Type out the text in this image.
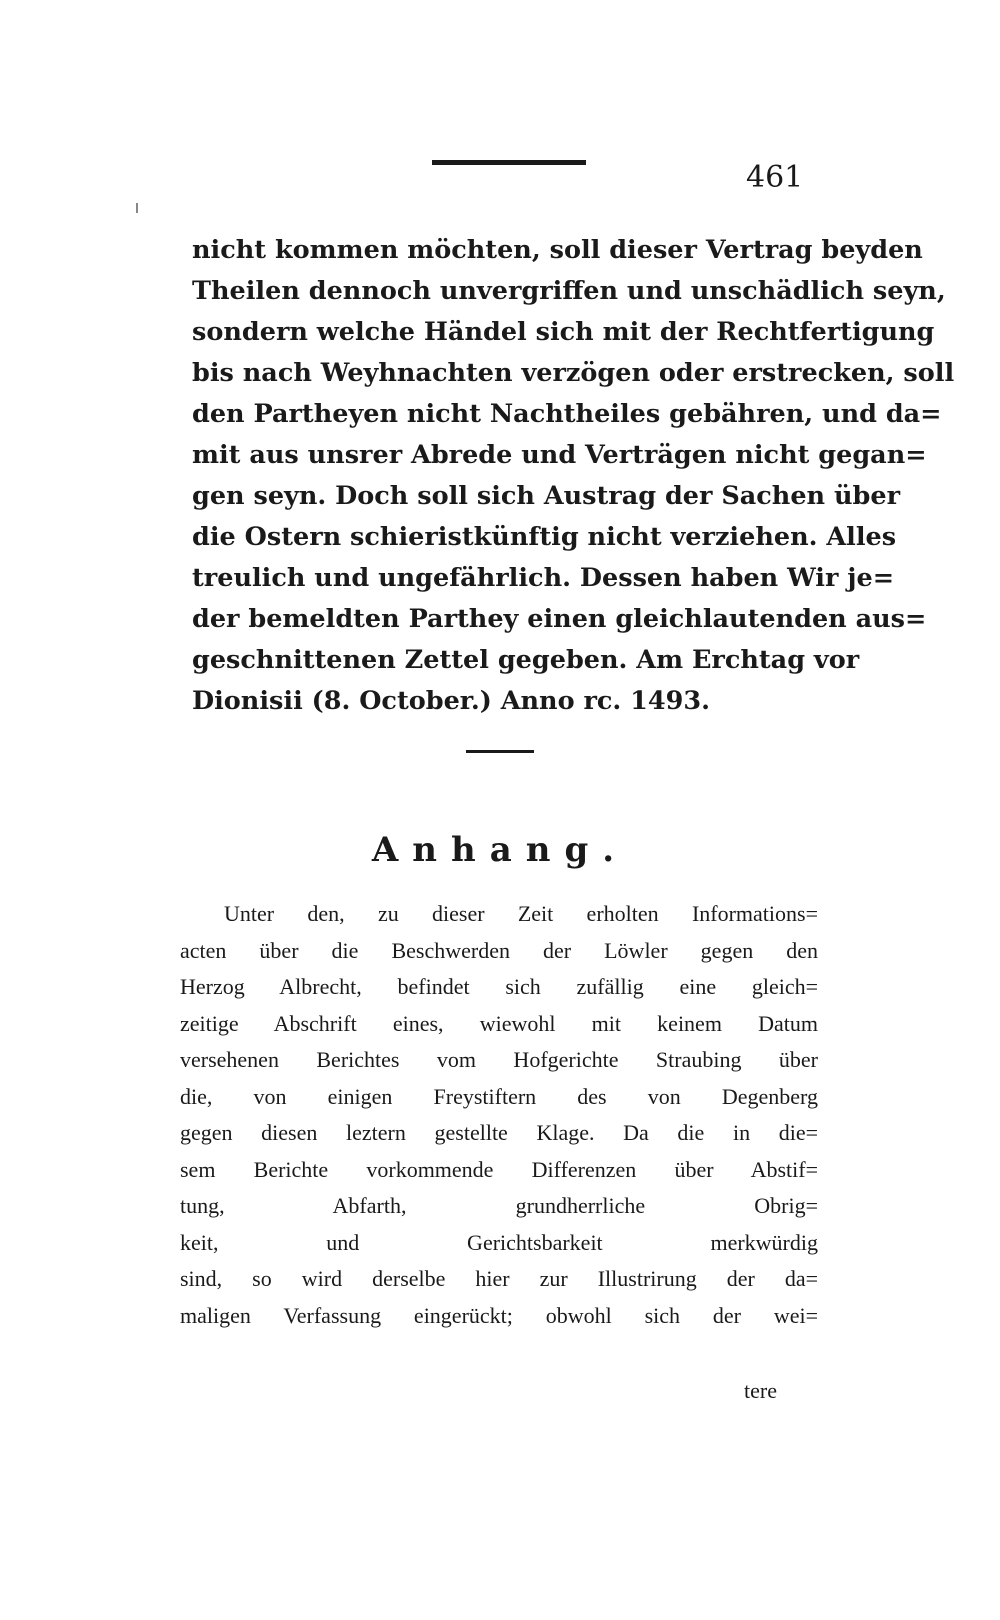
461
nicht kommen möchten, soll dieser Vertrag beyden
Theilen dennoch unvergriffen und unschädlich seyn,
sondern welche Händel sich mit der Rechtfertigung
bis nach Weyhnachten verzögen oder erstrecken, soll
den Partheyen nicht Nachtheiles gebähren, und da=
mit aus unsrer Abrede und Verträgen nicht gegan=
gen seyn. Doch soll sich Austrag der Sachen über
die Ostern schieristkünftig nicht verziehen. Alles
treulich und ungefährlich. Dessen haben Wir je=
der bemeldten Parthey einen gleichlautenden aus=
geschnittenen Zettel gegeben. Am Erchtag vor
Dionisii (8. October.) Anno rc. 1493.
Anhang.
Unter den, zu dieser Zeit erholten Informations=
acten über die Beschwerden der Löwler gegen den
Herzog Albrecht, befindet sich zufällig eine gleich=
zeitige Abschrift eines, wiewohl mit keinem Datum
versehenen Berichtes vom Hofgerichte Straubing über
die, von einigen Freystiftern des von Degenberg
gegen diesen leztern gestellte Klage. Da die in die=
sem Berichte vorkommende Differenzen über Abstif=
tung, Abfarth, grundherrliche Obrig=
keit, und Gerichtsbarkeit merkwürdig
sind, so wird derselbe hier zur Illustrirung der da=
maligen Verfassung eingerückt; obwohl sich der wei=
tere
